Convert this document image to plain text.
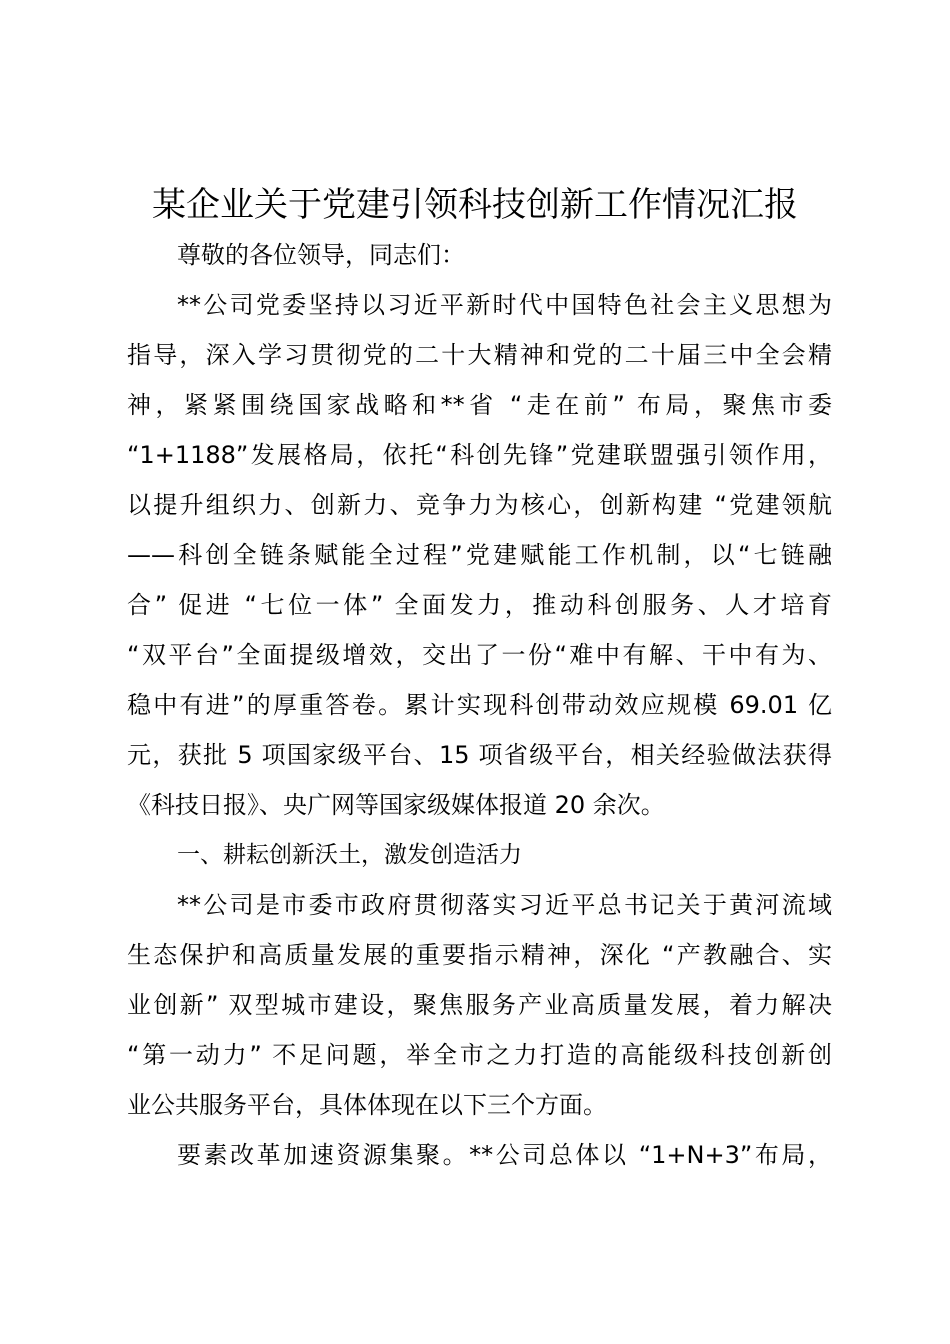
某企业关于党建引领科技创新工作情况汇报
尊敬的各位领导，同志们：
**公司党委坚持以习近平新时代中国特色社会主义思想为
指导，深入学习贯彻党的二十大精神和党的二十届三中全会精
神，紧紧围绕国家战略和**省 “走在前” 布局，聚焦市委
“1+1188”发展格局，依托“科创先锋”党建联盟强引领作用，
以提升组织力、创新力、竞争力为核心，创新构建 “党建领航
——科创全链条赋能全过程”党建赋能工作机制，以“七链融
合” 促进 “七位一体” 全面发力，推动科创服务、人才培育
“双平台”全面提级增效，交出了一份“难中有解、干中有为、
稳中有进”的厚重答卷。累计实现科创带动效应规模 69.01 亿
元，获批 5 项国家级平台、15 项省级平台，相关经验做法获得
《科技日报》、央广网等国家级媒体报道 20 余次。
一、耕耘创新沃土，激发创造活力
**公司是市委市政府贯彻落实习近平总书记关于黄河流域
生态保护和高质量发展的重要指示精神，深化 “产教融合、实
业创新” 双型城市建设，聚焦服务产业高质量发展，着力解决
“第一动力” 不足问题，举全市之力打造的高能级科技创新创
业公共服务平台，具体体现在以下三个方面。
要素改革加速资源集聚。**公司总体以 “1+N+3”布局，
